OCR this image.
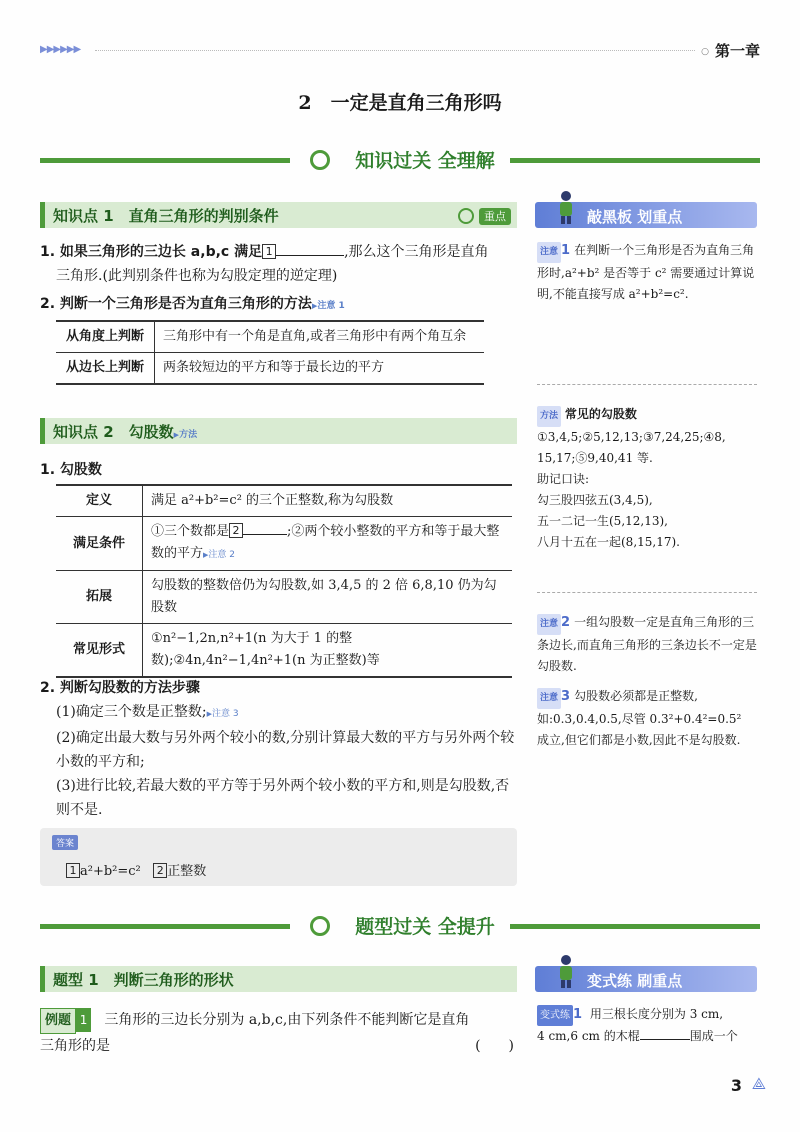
▶▶▶▶▶▶	○ 第一章
2　一定是直角三角形吗
知识过关 全理解
知识点 1　直角三角形的判别条件	重点
1. 如果三角形的三边长 a,b,c 满足 1	,那么这个三角形是直角
三角形.(此判别条件也称为勾股定理的逆定理)
2. 判断一个三角形是否为直角三角形的方法 ▶ 注意 1
从角度上判断	三角形中有一个角是直角,或者三角形中有两个角互余
从边长上判断	两条较短边的平方和等于最长边的平方
知识点 2　勾股数 ▶ 方法
1. 勾股数
定义	满足 a²+b²=c² 的三个正整数,称为勾股数
满足条件	①三个数都是 2 ;②两个较小整数的平方和等于最大整数的平方 ▶ 注意 2
拓展	勾股数的整数倍仍为勾股数,如 3,4,5 的 2 倍 6,8,10 仍为勾股数
常见形式	①n²−1,2n,n²+1(n 为大于 1 的整数);②4n,4n²−1,4n²+1(n 为正整数)等
2. 判断勾股数的方法步骤
(1)确定三个数是正整数; ▶ 注意 3
(2)确定出最大数与另外两个较小的数,分别计算最大数的平方与另外两个较小数的平方和;
(3)进行比较,若最大数的平方等于另外两个较小数的平方和,则是勾股数,否则不是.
答案
1 a²+b²=c² 2 正整数
题型过关 全提升
题型 1　判断三角形的形状
例题 1 三角形的三边长分别为 a,b,c,由下列条件不能判断它是直角
三角形的是	(　　)
敲黑板 划重点
注意 1 在判断一个三角形是否为直角三角形时,a²+b² 是否等于 c² 需要通过计算说明,不能直接写成 a²+b²=c².
方法 常见的勾股数
①3,4,5;②5,12,13;③7,24,25;④8,
15,17;⑤9,40,41 等.
助记口诀:
勾三股四弦五(3,4,5),
五一二记一生(5,12,13),
八月十五在一起(8,15,17).
注意 2 一组勾股数一定是直角三角形的三条边长,而直角三角形的三条边长不一定是勾股数.
注意 3 勾股数必须都是正整数,如:0.3,0.4,0.5,尽管 0.3²+0.4²=0.5² 成立,但它们都是小数,因此不是勾股数.
变式练 刷重点
变式练 1 用三根长度分别为 3 cm,
4 cm,6 cm 的木棍	围成一个
3 ⟁
